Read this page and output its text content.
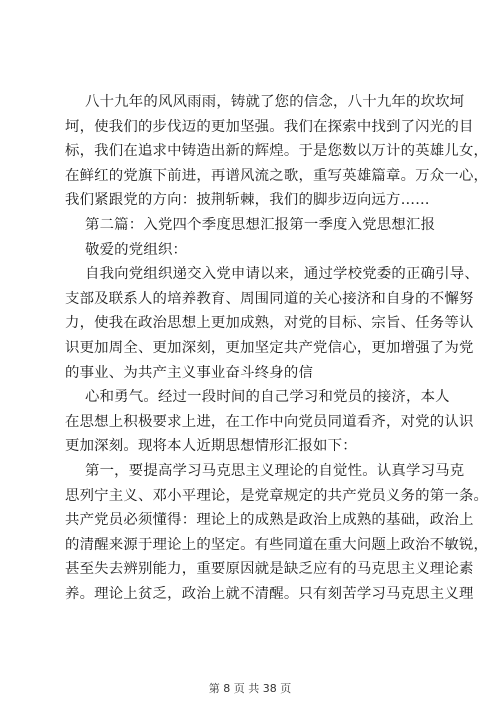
八十九年的风风雨雨，铸就了您的信念，八十九年的坎坎坷
坷，使我们的步伐迈的更加坚强。我们在探索中找到了闪光的目
标，我们在追求中铸造出新的辉煌。于是您数以万计的英雄儿女，
在鲜红的党旗下前进，再谱风流之歌，重写英雄篇章。万众一心，
我们紧跟党的方向：披荆斩棘，我们的脚步迈向远方……
第二篇：入党四个季度思想汇报第一季度入党思想汇报
敬爱的党组织：
自我向党组织递交入党申请以来，通过学校党委的正确引导、
支部及联系人的培养教育、周围同道的关心接济和自身的不懈努
力，使我在政治思想上更加成熟，对党的目标、宗旨、任务等认
识更加周全、更加深刻，更加坚定共产党信心，更加增强了为党
的事业、为共产主义事业奋斗终身的信
心和勇气。经过一段时间的自己学习和党员的接济，本人
在思想上积极要求上进，在工作中向党员同道看齐，对党的认识
更加深刻。现将本人近期思想情形汇报如下：
第一，要提高学习马克思主义理论的自觉性。认真学习马克
思列宁主义、邓小平理论，是党章规定的共产党员义务的第一条。
共产党员必须懂得：理论上的成熟是政治上成熟的基础，政治上
的清醒来源于理论上的坚定。有些同道在重大问题上政治不敏锐，
甚至失去辨别能力，重要原因就是缺乏应有的马克思主义理论素
养。理论上贫乏，政治上就不清醒。只有刻苦学习马克思主义理
第 8 页 共 38 页
